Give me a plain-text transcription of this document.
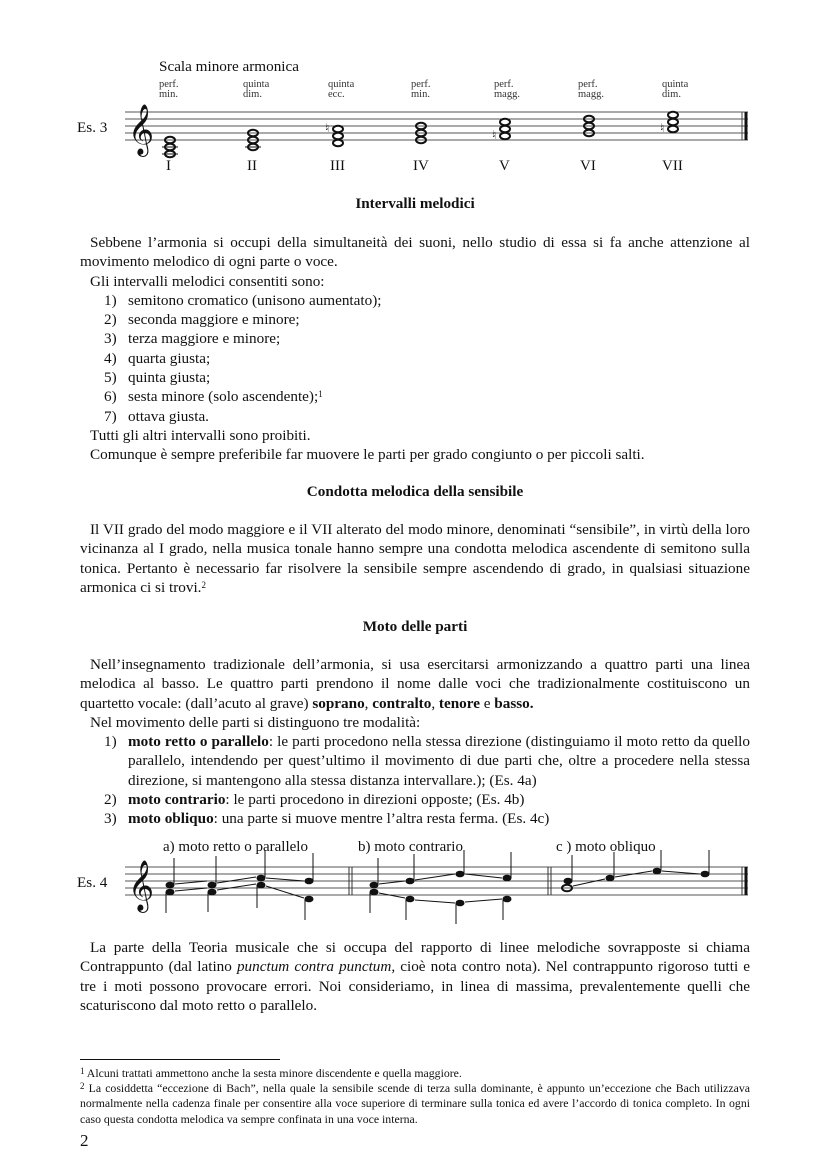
Scala minore armonica
Es. 3
perf.
min.
quinta
dim.
quinta
ecc.
perf.
min.
perf.
magg.
perf.
magg.
quinta
dim.
𝄞	♮	♮	♮
I	II	III	IV	V	VI	VII
Intervalli melodici

Sebbene l’armonia si occupi della simultaneità dei suoni, nello studio di essa si fa anche attenzione al movimento melodico di ogni parte o voce.

Gli intervalli melodici consentiti sono:

1) semitono cromatico (unisono aumentato);
2) seconda maggiore e minore;
3) terza maggiore e minore;
4) quarta giusta;
5) quinta giusta;
6) sesta minore (solo ascendente);$^1$
7) ottava giusta.

Tutti gli altri intervalli sono proibiti.

Comunque è sempre preferibile far muovere le parti per grado congiunto o per piccoli salti.

Condotta melodica della sensibile

Il VII grado del modo maggiore e il VII alterato del modo minore, denominati “sensibile”, in virtù della loro vicinanza al I grado, nella musica tonale hanno sempre una condotta melodica ascendente di semitono sulla tonica. Pertanto è necessario far risolvere la sensibile sempre ascendendo di grado, in qualsiasi situazione armonica ci si trovi.$^2$

Moto delle parti

Nell’insegnamento tradizionale dell’armonia, si usa esercitarsi armonizzando a quattro parti una linea melodica al basso. Le quattro parti prendono il nome dalle voci che tradizionalmente costituiscono un quartetto vocale: (dall’acuto al grave) soprano, contralto, tenore e basso.

Nel movimento delle parti si distinguono tre modalità:

1) moto retto o parallelo: le parti procedono nella stessa direzione (distinguiamo il moto retto da quello parallelo, intendendo per quest’ultimo il movimento di due parti che, oltre a procedere nella stessa direzione, si mantengono alla stessa distanza intervallare.); (Es. 4a)
2) moto contrario: le parti procedono in direzioni opposte; (Es. 4b)
3) moto obliquo: una parte si muove mentre l’altra resta ferma. (Es. 4c)
a) moto retto o parallelo	b) moto contrario	c ) moto obliquo
Es. 4 𝄞

La parte della Teoria musicale che si occupa del rapporto di linee melodiche sovrapposte si chiama Contrappunto (dal latino punctum contra punctum, cioè nota contro nota). Nel contrappunto rigoroso tutti e tre i moti possono provocare errori. Noi consideriamo, in linea di massima, prevalentemente quelli che scaturiscono dal moto retto o parallelo.

$^1$ Alcuni trattati ammettono anche la sesta minore discendente e quella maggiore.

$^2$ La cosiddetta “eccezione di Bach”, nella quale la sensibile scende di terza sulla dominante, è appunto un’eccezione che Bach utilizzava normalmente nella cadenza finale per consentire alla voce superiore di terminare sulla tonica ed avere l’accordo di tonica completo. In ogni caso questa condotta melodica va sempre confinata in una voce interna.

2
